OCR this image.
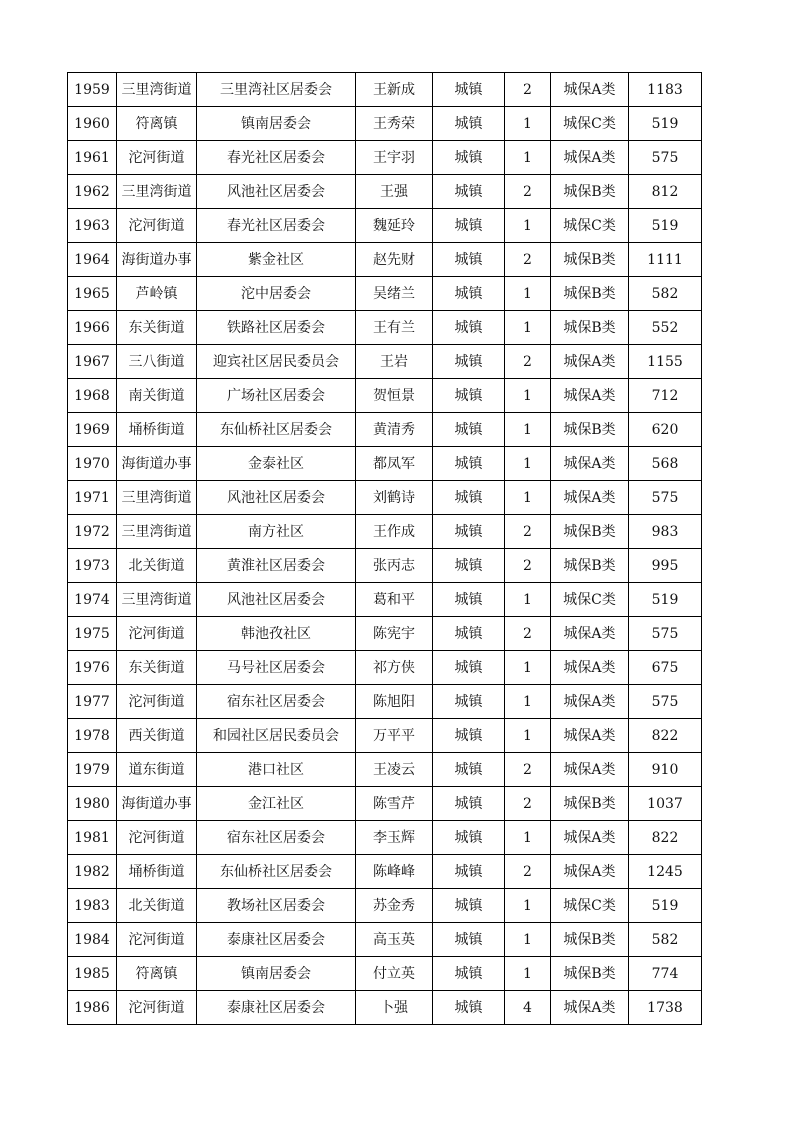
1959	三里湾街道	三里湾社区居委会	王新成	城镇	2	城保A类	1183
1960	符离镇	镇南居委会	王秀荣	城镇	1	城保C类	519
1961	沱河街道	春光社区居委会	王宇羽	城镇	1	城保A类	575
1962	三里湾街道	风池社区居委会	王强	城镇	2	城保B类	812
1963	沱河街道	春光社区居委会	魏延玲	城镇	1	城保C类	519
1964	海街道办事	紫金社区	赵先财	城镇	2	城保B类	1111
1965	芦岭镇	沱中居委会	吴绪兰	城镇	1	城保B类	582
1966	东关街道	铁路社区居委会	王有兰	城镇	1	城保B类	552
1967	三八街道	迎宾社区居民委员会	王岩	城镇	2	城保A类	1155
1968	南关街道	广场社区居委会	贺恒景	城镇	1	城保A类	712
1969	埇桥街道	东仙桥社区居委会	黄清秀	城镇	1	城保B类	620
1970	海街道办事	金泰社区	都凤军	城镇	1	城保A类	568
1971	三里湾街道	风池社区居委会	刘鹤诗	城镇	1	城保A类	575
1972	三里湾街道	南方社区	王作成	城镇	2	城保B类	983
1973	北关街道	黄淮社区居委会	张丙志	城镇	2	城保B类	995
1974	三里湾街道	风池社区居委会	葛和平	城镇	1	城保C类	519
1975	沱河街道	韩池孜社区	陈宪宇	城镇	2	城保A类	575
1976	东关街道	马号社区居委会	祁方侠	城镇	1	城保A类	675
1977	沱河街道	宿东社区居委会	陈旭阳	城镇	1	城保A类	575
1978	西关街道	和园社区居民委员会	万平平	城镇	1	城保A类	822
1979	道东街道	港口社区	王凌云	城镇	2	城保A类	910
1980	海街道办事	金江社区	陈雪芹	城镇	2	城保B类	1037
1981	沱河街道	宿东社区居委会	李玉辉	城镇	1	城保A类	822
1982	埇桥街道	东仙桥社区居委会	陈峰峰	城镇	2	城保A类	1245
1983	北关街道	教场社区居委会	苏金秀	城镇	1	城保C类	519
1984	沱河街道	泰康社区居委会	高玉英	城镇	1	城保B类	582
1985	符离镇	镇南居委会	付立英	城镇	1	城保B类	774
1986	沱河街道	泰康社区居委会	卜强	城镇	4	城保A类	1738
